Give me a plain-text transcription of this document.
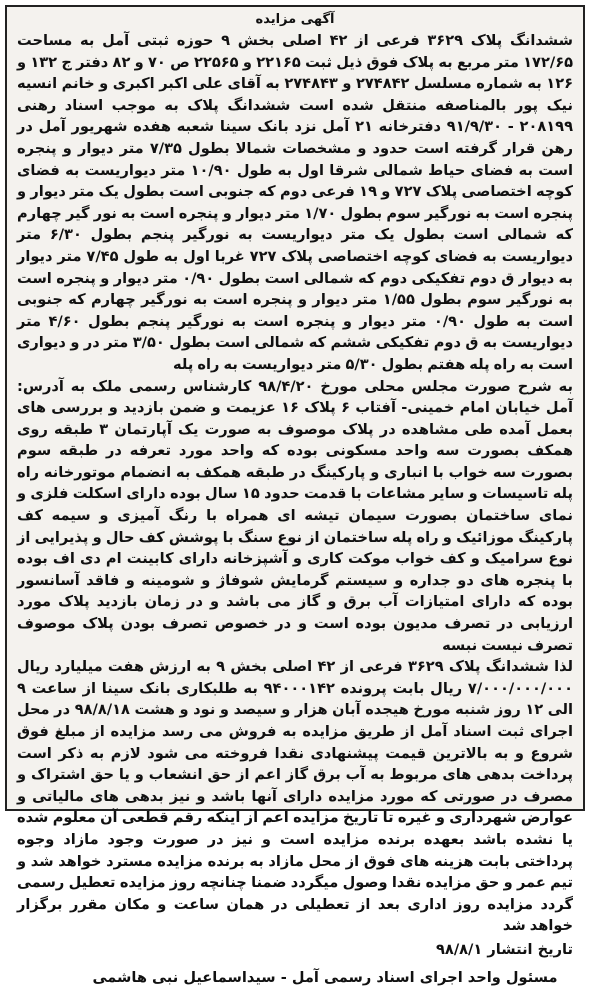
آگهی مزایده

ششدانگ پلاک ۳۶۲۹ فرعی از ۴۲ اصلی بخش ۹ حوزه ثبتی آمل به مساحت ۱۷۲/۶۵ متر مربع به پلاک فوق ذیل ثبت ۲۲۱۶۵ و ۲۲۵۶۵ ص ۷۰ و ۸۲ دفتر ج ۱۳۲ و ۱۲۶ به شماره مسلسل ۲۷۴۸۴۲ و ۲۷۴۸۴۳ به آقای علی اکبر اکبری و خانم انسیه نیک پور بالمناصفه منتقل شده است ششدانگ پلاک به موجب اسناد رهنی ۲۰۸۱۹۹ - ۹۱/۹/۳۰ دفترخانه ۲۱ آمل نزد بانک سینا شعبه هفده شهریور آمل در رهن قرار گرفته است حدود و مشخصات شمالا بطول ۷/۳۵ متر دیوار و پنجره است به فضای حیاط شمالی شرقا اول به طول ۱۰/۹۰ متر دیواریست به فضای کوچه اختصاصی پلاک ۷۲۷ و ۱۹ فرعی دوم که جنوبی است بطول یک متر دیوار و پنجره است به نورگیر سوم بطول ۱/۷۰ متر دیوار و پنجره است به نور گیر چهارم که شمالی است بطول یک متر دیواریست به نورگیر پنجم بطول ۶/۳۰ متر دیواریست به فضای کوچه اختصاصی پلاک ۷۲۷ غربا اول به طول ۷/۴۵ متر دیوار به دیوار ق دوم تفکیکی دوم که شمالی است بطول ۰/۹۰ متر دیوار و پنجره است به نورگیر سوم بطول ۱/۵۵ متر دیوار و پنجره است به نورگیر چهارم که جنوبی است به طول ۰/۹۰ متر دیوار و پنجره است به نورگیر پنجم بطول ۴/۶۰ متر دیواریست به ق دوم تفکیکی ششم که شمالی است بطول ۳/۵۰ متر در و دیواری است به راه پله هفتم بطول ۵/۳۰ متر دیواریست به راه پله

به شرح صورت مجلس محلی مورخ ۹۸/۴/۲۰ کارشناس رسمی ملک به آدرس: آمل خیابان امام خمینی- آفتاب ۶ پلاک ۱۶ عزیمت و ضمن بازدید و بررسی های بعمل آمده طی مشاهده در پلاک موصوف به صورت یک آپارتمان ۳ طبقه روی همکف بصورت سه واحد مسکونی بوده که واحد مورد تعرفه در طبقه سوم بصورت سه خواب با انباری و پارکینگ در طبقه همکف به انضمام موتورخانه راه پله تاسیسات و سایر مشاعات با قدمت حدود ۱۵ سال بوده دارای اسکلت فلزی و نمای ساختمان بصورت سیمان تیشه ای همراه با رنگ آمیزی و سیمه کف پارکینگ موزائیک و راه پله ساختمان از نوع سنگ با پوشش کف حال و پذیرایی از نوع سرامیک و کف خواب موکت کاری و آشپزخانه دارای کابینت ام دی اف بوده با پنجره های دو جداره و سیستم گرمایش شوفاژ و شومینه و فاقد آسانسور بوده که دارای امتیازات آب برق و گاز می باشد و در زمان بازدید پلاک مورد ارزیابی در تصرف مدیون بوده است و در خصوص تصرف بودن پلاک موصوف تصرف نیست نبسه

لذا ششدانگ پلاک ۳۶۲۹ فرعی از ۴۲ اصلی بخش ۹ به ارزش هفت میلیارد ریال ۷/۰۰۰/۰۰۰/۰۰۰ ریال بابت پرونده ۹۴۰۰۰۱۴۲ به طلبکاری بانک سینا از ساعت ۹ الی ۱۲ روز شنبه مورخ هیجده آبان هزار و سیصد و نود و هشت ۹۸/۸/۱۸ در محل اجرای ثبت اسناد آمل از طریق مزایده به فروش می رسد مزایده از مبلغ فوق شروع و به بالاترین قیمت پیشنهادی نقدا فروخته می شود لازم به ذکر است پرداخت بدهی های مربوط به آب برق گاز اعم از حق انشعاب و یا حق اشتراک و مصرف در صورتی که مورد مزایده دارای آنها باشد و نیز بدهی های مالیاتی و عوارض شهرداری و غیره تا تاریخ مزایده اعم از اینکه رقم قطعی آن معلوم شده یا نشده باشد بعهده برنده مزایده است و نیز در صورت وجود مازاد وجوه پرداختی بابت هزینه های فوق از محل مازاد به برنده مزایده مسترد خواهد شد و تیم عمر و حق مزایده نقدا وصول میگردد ضمنا چنانچه روز مزایده تعطیل رسمی گردد مزایده روز اداری بعد از تعطیلی در همان ساعت و مکان مقرر برگزار خواهد شد

تاریخ انتشار ۹۸/۸/۱
مسئول واحد اجرای اسناد رسمی آمل - سیداسماعیل نبی هاشمی
